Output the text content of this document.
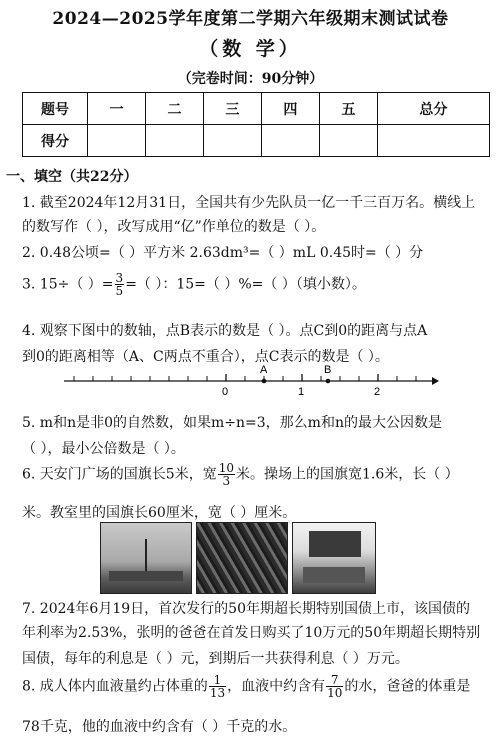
2024—2025学年度第二学期六年级期末测试试卷
（数 学）
（完卷时间：90分钟）
题号	一	二	三	四	五	总分
得分						
一、填空（共22分）
1. 截至2024年12月31日，全国共有少先队员一亿一千三百万名。横线上
的数写作（ ），改写成用“亿”作单位的数是（ ）。
2. 0.48公顷=（ ）平方米 2.63dm³=（ ）mL 0.45时=（ ）分
3. 15÷（ ）= $\frac{3}{5}$ =（ ）：15=（ ）%=（ ）（填小数）。
4. 观察下图中的数轴，点B表示的数是（ ）。点C到0的距离与点A
到0的距离相等（A、C两点不重合），点C表示的数是（ ）。
A	B
0	1	2
5. m和n是非0的自然数，如果m÷n=3，那么m和n的最大公因数是
（ ），最小公倍数是（ ）。
6. 天安门广场的国旗长5米，宽 $\frac{10}{3}$ 米。操场上的国旗宽1.6米，长（ ）
米。教室里的国旗长60厘米，宽（ ）厘米。
7. 2024年6月19日，首次发行的50年期超长期特别国债上市，该国债的
年利率为2.53%，张明的爸爸在首发日购买了10万元的50年期超长期特别
国债，每年的利息是（ ）元，到期后一共获得利息（ ）万元。
8. 成人体内血液量约占体重的 $\frac{1}{13}$ ，血液中约含有 $\frac{7}{10}$ 的水，爸爸的体重是
78千克，他的血液中约含有（ ）千克的水。
